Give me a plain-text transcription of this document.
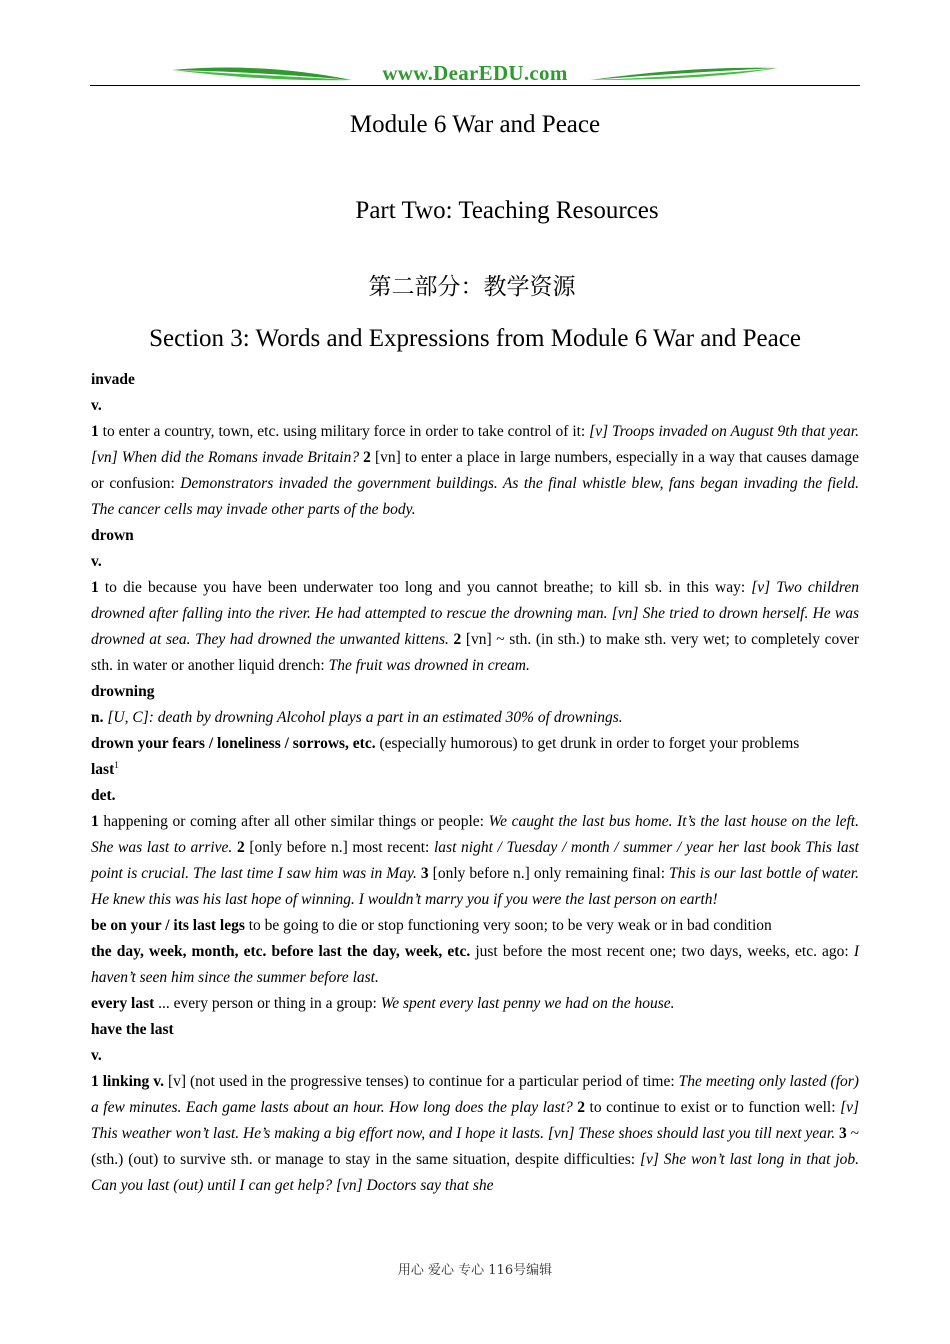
www.DearEDU.com
Module 6 War and Peace
Part Two: Teaching Resources
第二部分：教学资源
Section 3: Words and Expressions from Module 6 War and Peace

invade

v.

1 to enter a country, town, etc. using military force in order to take control of it: [v] Troops invaded on August 9th that year. [vn] When did the Romans invade Britain? 2 [vn] to enter a place in large numbers, especially in a way that causes damage or confusion: Demonstrators invaded the government buildings. As the final whistle blew, fans began invading the field. The cancer cells may invade other parts of the body.

drown

v.

1 to die because you have been underwater too long and you cannot breathe; to kill sb. in this way: [v] Two children drowned after falling into the river. He had attempted to rescue the drowning man. [vn] She tried to drown herself. He was drowned at sea. They had drowned the unwanted kittens. 2 [vn] ~ sth. (in sth.) to make sth. very wet; to completely cover sth. in water or another liquid drench: The fruit was drowned in cream.

drowning

n. [U, C]: death by drowning Alcohol plays a part in an estimated 30% of drownings.

drown your fears / loneliness / sorrows, etc. (especially humorous) to get drunk in order to forget your problems

last$^1$

det.

1 happening or coming after all other similar things or people: We caught the last bus home. It’s the last house on the left. She was last to arrive. 2 [only before n.] most recent: last night / Tuesday / month / summer / year her last book This last point is crucial. The last time I saw him was in May. 3 [only before n.] only remaining final: This is our last bottle of water. He knew this was his last hope of winning. I wouldn’t marry you if you were the last person on earth!

be on your / its last legs to be going to die or stop functioning very soon; to be very weak or in bad condition

the day, week, month, etc. before last the day, week, etc. just before the most recent one; two days, weeks, etc. ago: I haven’t seen him since the summer before last.

every last ... every person or thing in a group: We spent every last penny we had on the house.

have the last

v.

1 linking v. [v] (not used in the progressive tenses) to continue for a particular period of time: The meeting only lasted (for) a few minutes. Each game lasts about an hour. How long does the play last? 2 to continue to exist or to function well: [v] This weather won’t last. He’s making a big effort now, and I hope it lasts. [vn] These shoes should last you till next year. 3 ~ (sth.) (out) to survive sth. or manage to stay in the same situation, despite difficulties: [v] She won’t last long in that job. Can you last (out) until I can get help? [vn] Doctors say that she

用心 爱心 专心 116号编辑
